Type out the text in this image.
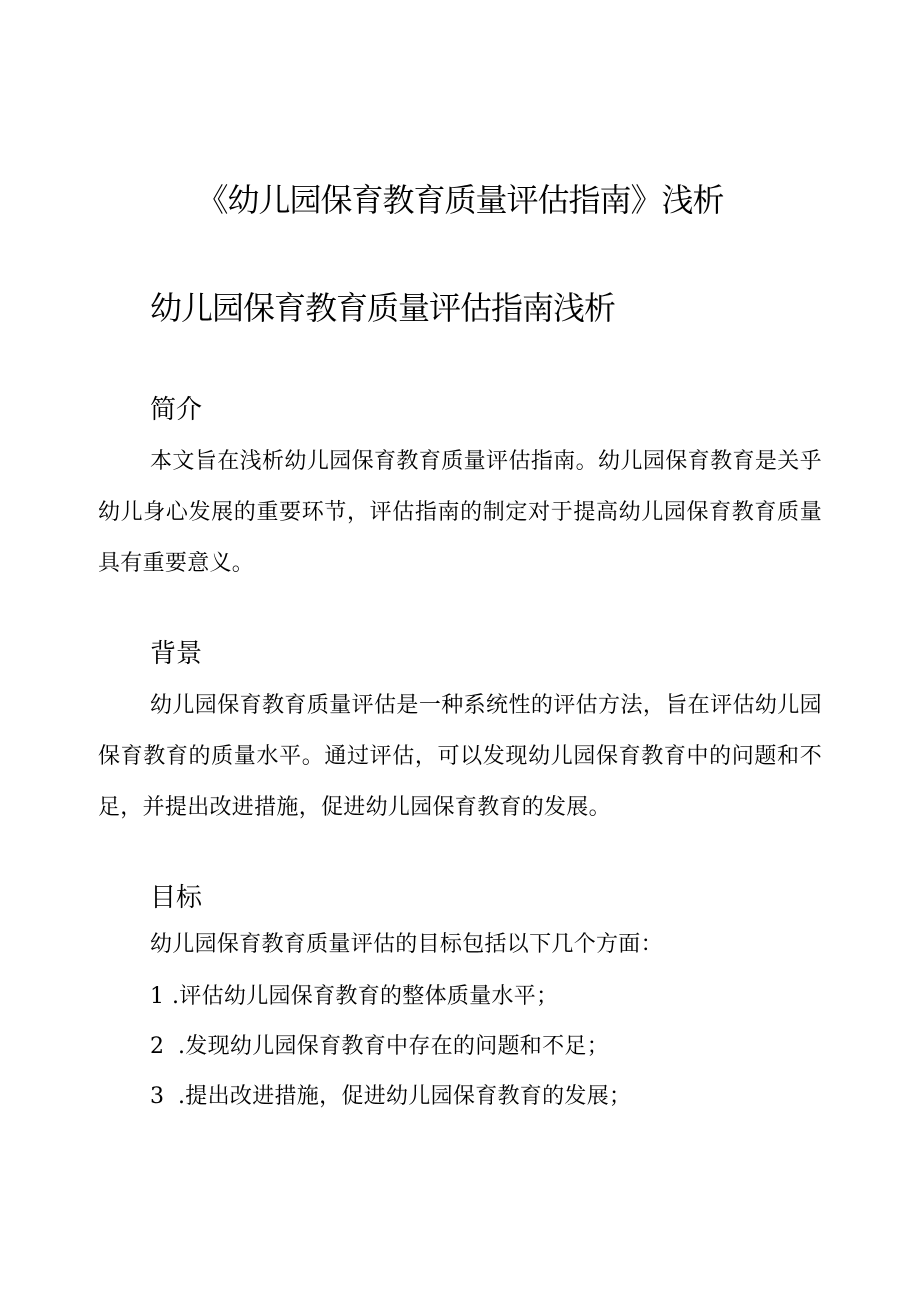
《幼儿园保育教育质量评估指南》浅析
幼儿园保育教育质量评估指南浅析
简介
本文旨在浅析幼儿园保育教育质量评估指南。幼儿园保育教育是关乎幼儿身心发展的重要环节，评估指南的制定对于提高幼儿园保育教育质量具有重要意义。
背景
幼儿园保育教育质量评估是一种系统性的评估方法，旨在评估幼儿园保育教育的质量水平。通过评估，可以发现幼儿园保育教育中的问题和不足，并提出改进措施，促进幼儿园保育教育的发展。
目标
幼儿园保育教育质量评估的目标包括以下几个方面：
1 .评估幼儿园保育教育的整体质量水平；
2 .发现幼儿园保育教育中存在的问题和不足；
3 .提出改进措施，促进幼儿园保育教育的发展；
